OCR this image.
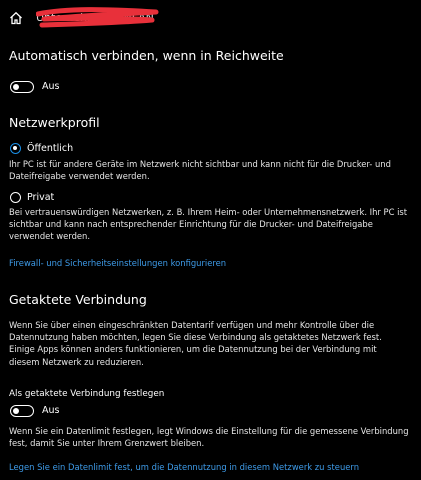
Unternehmens-WLAN
Automatisch verbinden, wenn in Reichweite
Aus
Netzwerkprofil
Öffentlich
Ihr PC ist für andere Geräte im Netzwerk nicht sichtbar und kann nicht für die Drucker- und Dateifreigabe verwendet werden.
Privat
Bei vertrauenswürdigen Netzwerken, z. B. Ihrem Heim- oder Unternehmensnetzwerk. Ihr PC ist sichtbar und kann nach entsprechender Einrichtung für die Drucker- und Dateifreigabe verwendet werden.
Firewall- und Sicherheitseinstellungen konfigurieren
Getaktete Verbindung
Wenn Sie über einen eingeschränkten Datentarif verfügen und mehr Kontrolle über die Datennutzung haben möchten, legen Sie diese Verbindung als getaktetes Netzwerk fest. Einige Apps können anders funktionieren, um die Datennutzung bei der Verbindung mit diesem Netzwerk zu reduzieren.
Als getaktete Verbindung festlegen
Aus
Wenn Sie ein Datenlimit festlegen, legt Windows die Einstellung für die gemessene Verbindung fest, damit Sie unter Ihrem Grenzwert bleiben.
Legen Sie ein Datenlimit fest, um die Datennutzung in diesem Netzwerk zu steuern
